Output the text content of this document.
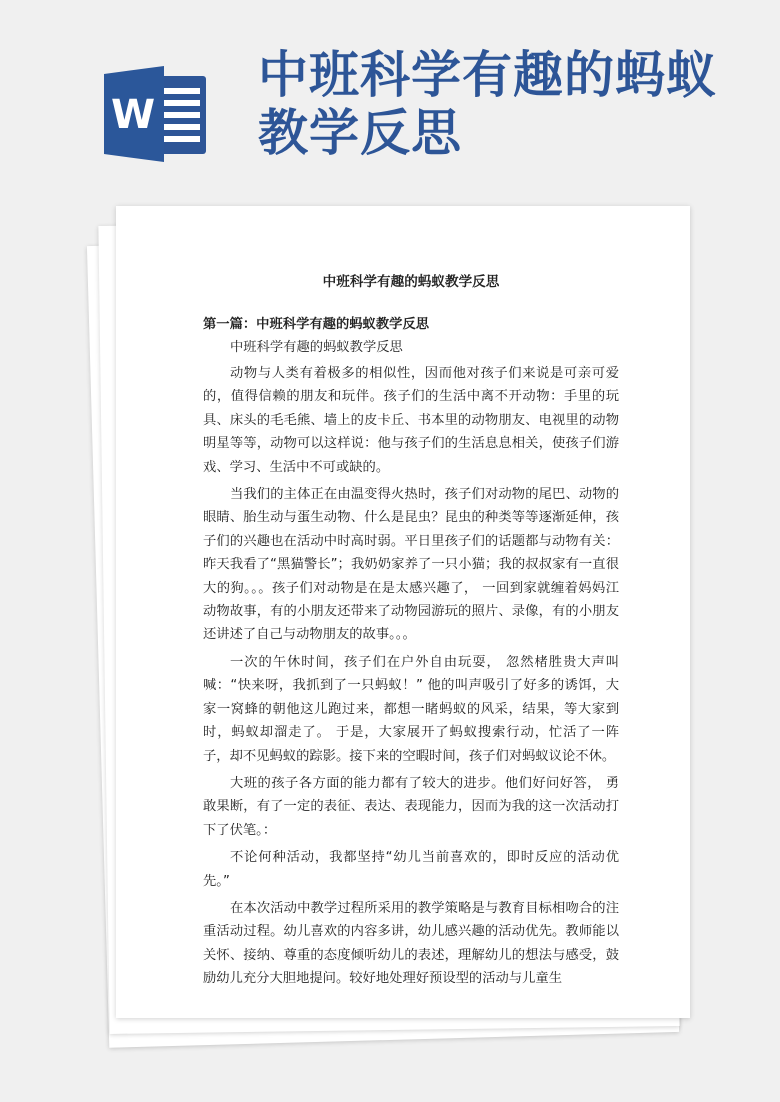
W
中班科学有趣的蚂蚁教学反思

中班科学有趣的蚂蚁教学反思

第一篇：中班科学有趣的蚂蚁教学反思

中班科学有趣的蚂蚁教学反思

动物与人类有着极多的相似性，因而他对孩子们来说是可亲可爱的，值得信赖的朋友和玩伴。孩子们的生活中离不开动物：手里的玩具、床头的毛毛熊、墙上的皮卡丘、书本里的动物朋友、电视里的动物明星等等，动物可以这样说：他与孩子们的生活息息相关，使孩子们游戏、学习、生活中不可或缺的。

当我们的主体正在由温变得火热时，孩子们对动物的尾巴、动物的眼睛、胎生动与蛋生动物、什么是昆虫？昆虫的种类等等逐渐延伸，孩子们的兴趣也在活动中时高时弱。平日里孩子们的话题都与动物有关：昨天我看了“黑猫警长”；我奶奶家养了一只小猫；我的叔叔家有一直很大的狗。。。孩子们对动物是在是太感兴趣了， 一回到家就缠着妈妈江动物故事，有的小朋友还带来了动物园游玩的照片、录像，有的小朋友还讲述了自己与动物朋友的故事。。。

一次的午休时间，孩子们在户外自由玩耍， 忽然楮胜贵大声叫喊：“快来呀，我抓到了一只蚂蚁！” 他的叫声吸引了好多的诱饵，大家一窝蜂的朝他这儿跑过来，都想一睹蚂蚁的风采，结果，等大家到时，蚂蚁却溜走了。 于是，大家展开了蚂蚁搜索行动，忙活了一阵子，却不见蚂蚁的踪影。接下来的空暇时间，孩子们对蚂蚁议论不休。

大班的孩子各方面的能力都有了较大的进步。他们好问好答， 勇敢果断，有了一定的表征、表达、表现能力，因而为我的这一次活动打下了伏笔。：

不论何种活动，我都坚持“幼儿当前喜欢的，即时反应的活动优先。”

在本次活动中教学过程所采用的教学策略是与教育目标相吻合的注重活动过程。幼儿喜欢的内容多讲，幼儿感兴趣的活动优先。教师能以关怀、接纳、尊重的态度倾听幼儿的表述，理解幼儿的想法与感受，鼓励幼儿充分大胆地提问。较好地处理好预设型的活动与儿童生
